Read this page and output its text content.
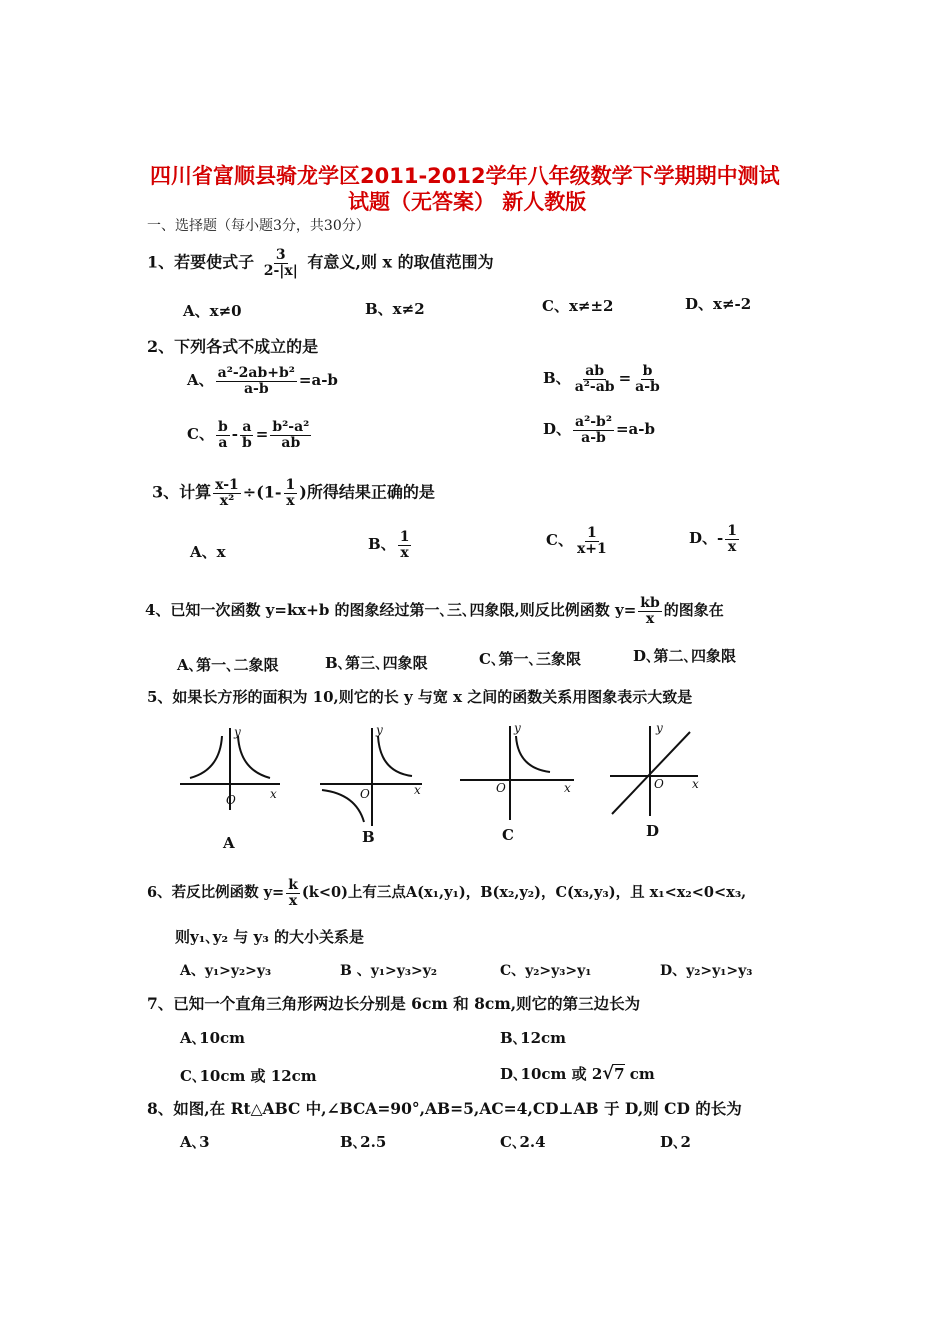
四川省富顺县骑龙学区2011-2012学年八年级数学下学期期中测试
试题（无答案） 新人教版
一、选择题（每小题3分，共30分）
1、若要使式子 $\frac{3}{2-|x|}$ 有意义,则 x 的取值范围为
A、x≠0	B、x≠2	C、x≠±2	D、x≠-2
2、下列各式不成立的是
A、 $\frac{\text{a²-2ab+b²}}{a-b} =a-b$	B、 $\frac{ab}{\text{a²-ab}} = \frac{b}{a-b}$
C、 $\frac{b}{a} - \frac{a}{b} = \frac{\text{b²-a²}}{ab}$	D、 $\frac{\text{a²-b²}}{a-b} =a-b$
3、计算 $\frac{x-1}{\text{x²}} \div(1- \frac{1}{x}$ )所得结果正确的是
A、x	B、 $\frac{1}{x}$	C、 $\frac{1}{x+1}$	D、- $\frac{1}{x}$
4、已知一次函数 y=kx+b 的图象经过第一､三､四象限,则反比例函数 $y= \frac{kb}{x}$ 的图象在
A､第一､二象限	B､第三､四象限	C､第一､三象限	D､第二､四象限
5、如果长方形的面积为 10,则它的长 y 与宽 x 之间的函数关系用图象表示大致是
O	x
y
O	x
y
O	x
y
O x
y
A	B	C	D
6、若反比例函数 $y= \frac{k}{x} (k<0)$上有三点A(x₁,y₁)，B(x₂,y₂)，C(x₃,y₃)，且 x₁<x₂<0<x₃,
则y₁､y₂ 与 y₃ 的大小关系是
A、y₁>y₂>y₃	B 、y₁>y₃>y₂	C、y₂>y₃>y₁	D、y₂>y₁>y₃
7、已知一个直角三角形两边长分别是 6cm 和 8cm,则它的第三边长为
A､10cm	B､12cm
C､10cm 或 12cm	D､10cm 或 2√7 cm
8、如图,在 Rt△ABC 中,∠BCA=90°,AB=5,AC=4,CD⊥AB 于 D,则 CD 的长为
A､3	B､2.5	C､2.4	D､2
